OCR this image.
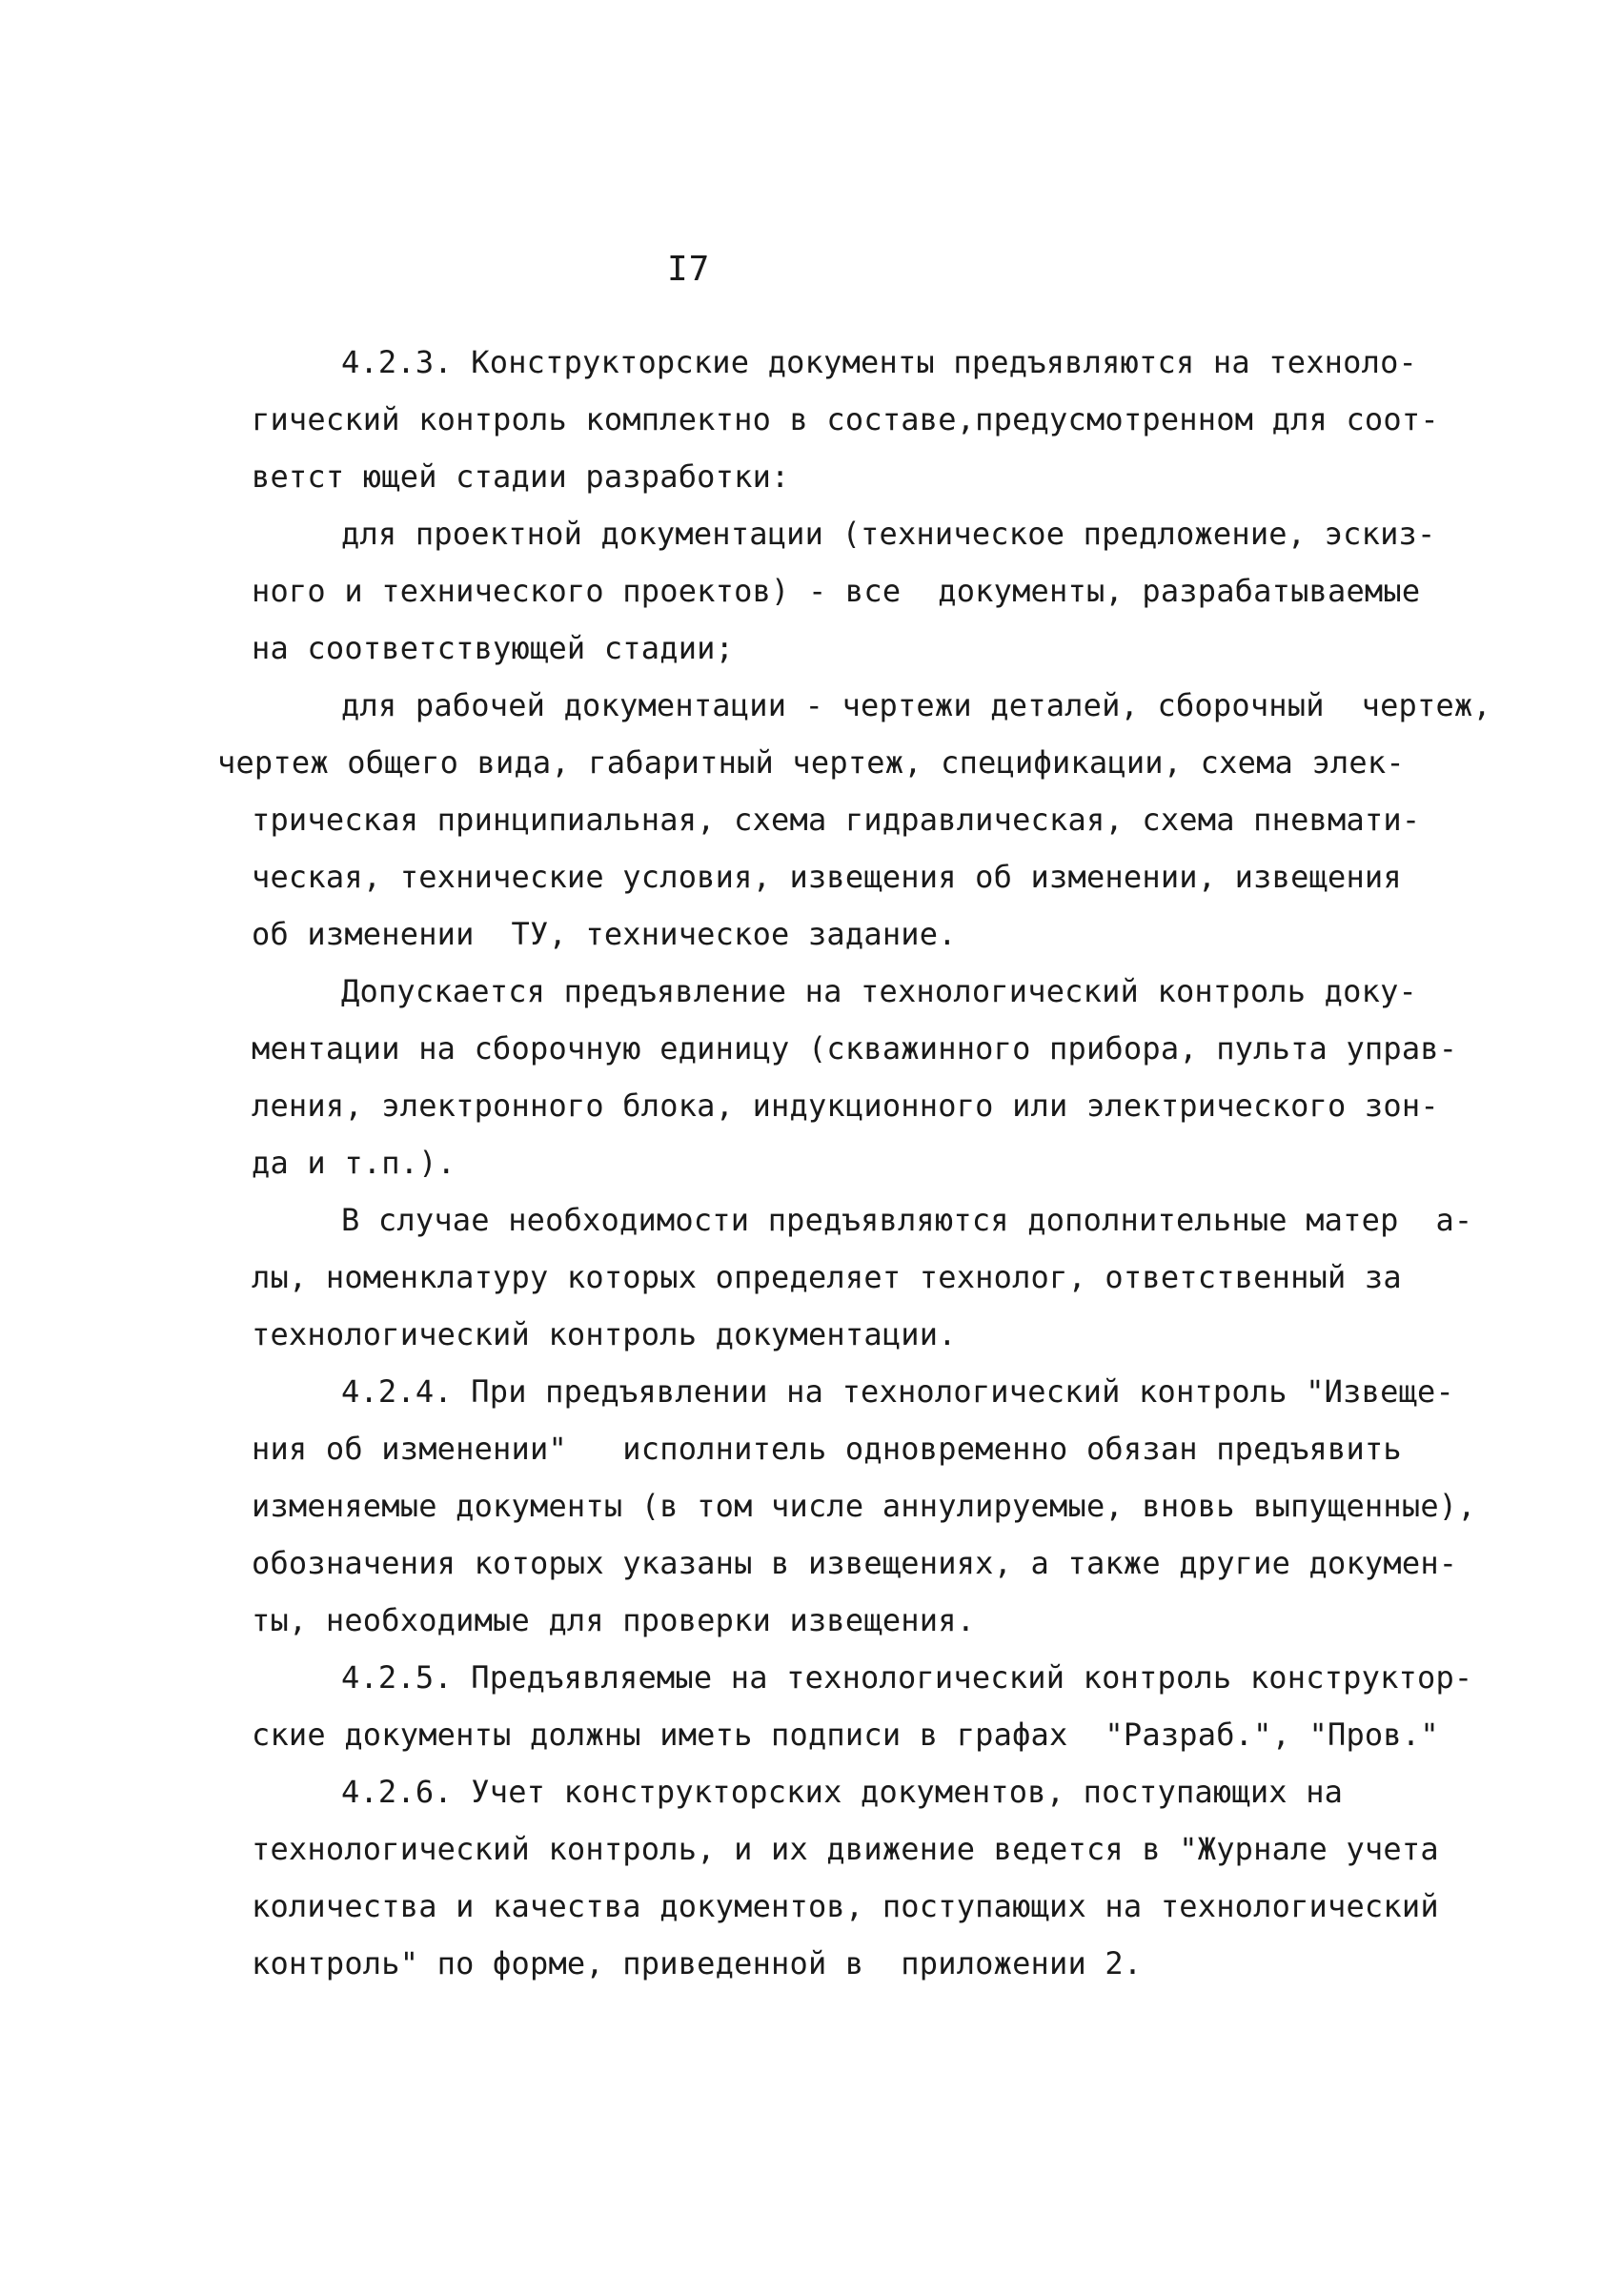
I7
4.2.3. Конструкторские документы предъявляются на техноло-
гический контроль комплектно в составе,предусмотренном для соот-
ветст ющей стадии разработки:
для проектной документации (техническое предложение, эскиз-
ного и технического проектов) - все  документы, разрабатываемые
на соответствующей стадии;
для рабочей документации - чертежи деталей, сборочный  чертеж,
чертеж общего вида, габаритный чертеж, спецификации, схема элек-
трическая принципиальная, схема гидравлическая, схема пневмати-
ческая, технические условия, извещения об изменении, извещения
об изменении  ТУ, техническое задание.
Допускается предъявление на технологический контроль доку-
ментации на сборочную единицу (скважинного прибора, пульта управ-
ления, электронного блока, индукционного или электрического зон-
да и т.п.).
В случае необходимости предъявляются дополнительные матер  а-
лы, номенклатуру которых определяет технолог, ответственный за
технологический контроль документации.
4.2.4. При предъявлении на технологический контроль "Извеще-
ния об изменении"   исполнитель одновременно обязан предъявить
изменяемые документы (в том числе аннулируемые, вновь выпущенные),
обозначения которых указаны в извещениях, а также другие докумен-
ты, необходимые для проверки извещения.
4.2.5. Предъявляемые на технологический контроль конструктор-
ские документы должны иметь подписи в графах  "Разраб.", "Пров."
4.2.6. Учет конструкторских документов, поступающих на
технологический контроль, и их движение ведется в "Журнале учета
количества и качества документов, поступающих на технологический
контроль" по форме, приведенной в  приложении 2.
